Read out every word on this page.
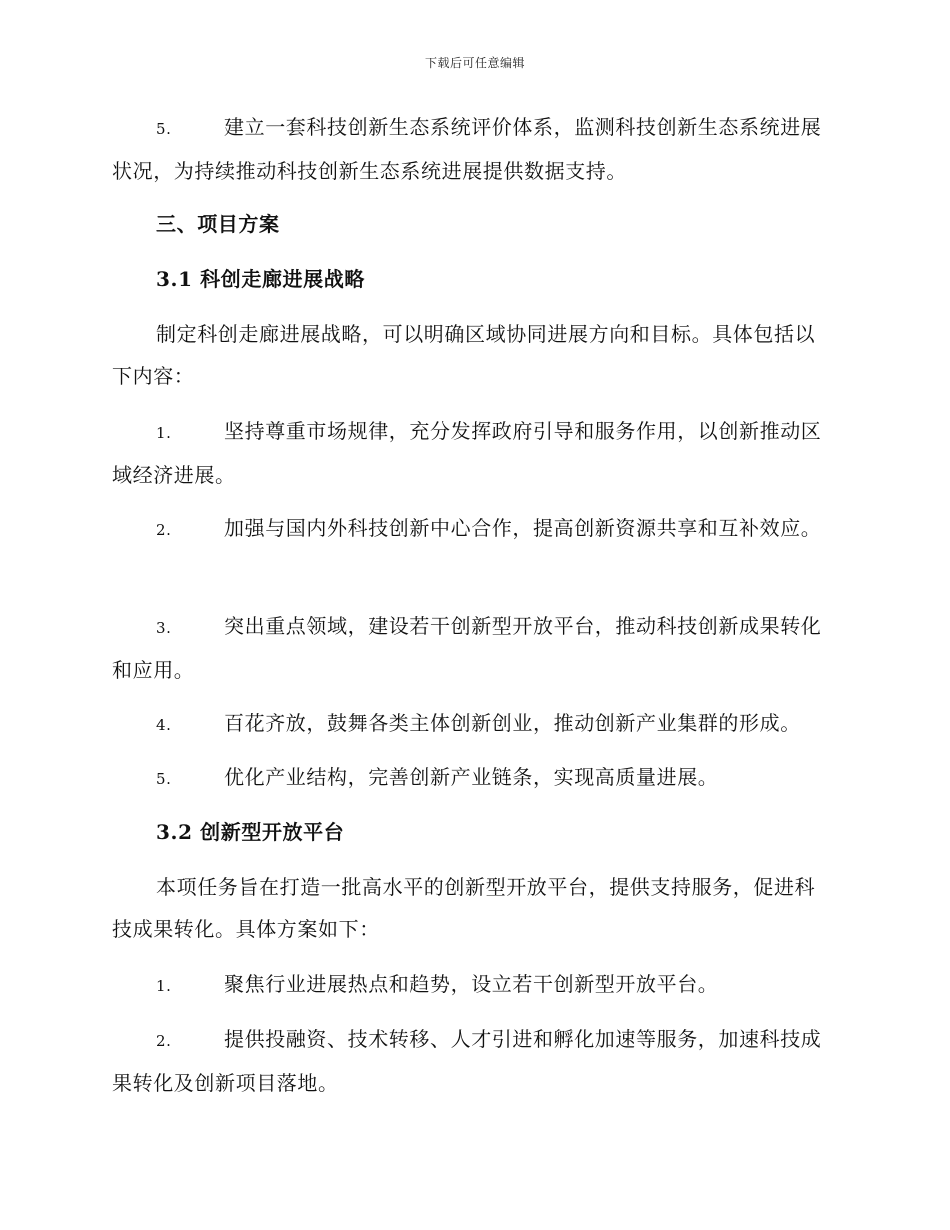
下载后可任意编辑
5.	建立一套科技创新生态系统评价体系，监测科技创新生态系统进展状况，为持续推动科技创新生态系统进展提供数据支持。
三、项目方案
3.1 科创走廊进展战略
制定科创走廊进展战略，可以明确区域协同进展方向和目标。具体包括以下内容：
1.	坚持尊重市场规律，充分发挥政府引导和服务作用，以创新推动区域经济进展。
2.	加强与国内外科技创新中心合作，提高创新资源共享和互补效应。
3.	突出重点领域，建设若干创新型开放平台，推动科技创新成果转化和应用。
4.	百花齐放，鼓舞各类主体创新创业，推动创新产业集群的形成。
5.	优化产业结构，完善创新产业链条，实现高质量进展。
3.2 创新型开放平台
本项任务旨在打造一批高水平的创新型开放平台，提供支持服务，促进科技成果转化。具体方案如下：
1.	聚焦行业进展热点和趋势，设立若干创新型开放平台。
2.	提供投融资、技术转移、人才引进和孵化加速等服务，加速科技成果转化及创新项目落地。
